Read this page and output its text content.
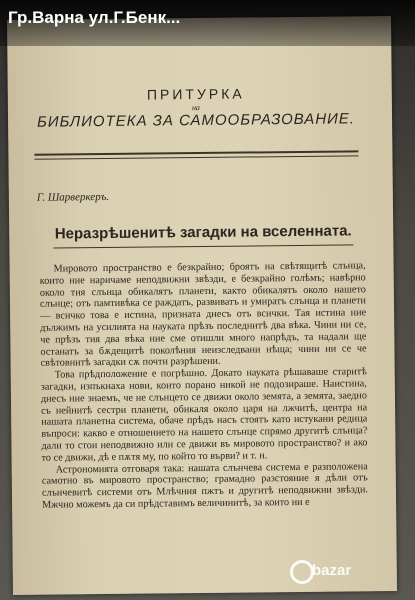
ПРИТУРКА
на
БИБЛИОТЕКА ЗА САМООБРАЗОВАНИЕ.
Г. Шарверкеръ.
Неразрѣшенитѣ загадки на вселенната.

Мировото пространство е безкрайно; броятъ на свѣтящитѣ слънца, които ние наричаме неподвижни звѣзди, е безкрайно голѣмъ; навѣрно около тия слънца обикалятъ планети, както обикалятъ около нашето слънце; отъ памтивѣка се раждатъ, развиватъ и умиратъ слънца и планети — всичко това е истина, призната днесъ отъ всички. Тая истина ние дължимъ на усилията на науката прѣзъ последнитѣ два вѣка. Чини ни се, че прѣзъ тия два вѣка ние сме отишли много напрѣдъ, та надали ще останатъ за бѫдещитѣ поколѣния неизследвани нѣща; чини ни се че свѣтовнитѣ загадки сѫ почти разрѣшени.

Това прѣдположение е погрѣшно. Докато науката рѣшаваше старитѣ загадки, изпъкнаха нови, които порано никой не подозираше. Наистина, днесъ ние знаемъ, че не слънцето се движи около земята, а земята, заедно съ нейнитѣ сестри планети, обикаля около царя на лжчитѣ, центра на нашата планетна система, обаче прѣдъ насъ стоятъ като истукани редица въпроси: какво е отношението на нашето слънце спрямо другитѣ слънца? дали то стои неподвижно или се движи въ мировото пространство? и ако то се движи, дѣ е пѫтя му, по който то върви? и т. н.

Астрономията отговаря така: нашата слънчева система е разположена самотно въ мировото пространство; грамадно разстояние я дѣли отъ слънчевитѣ системи отъ Млѣчния пжтъ и другитѣ неподвижни звѣзди. Мжчно можемъ да си прѣдставимъ величинитѣ, за които ни е

Гр.Варна ул.Г.Бенк...
bazar
